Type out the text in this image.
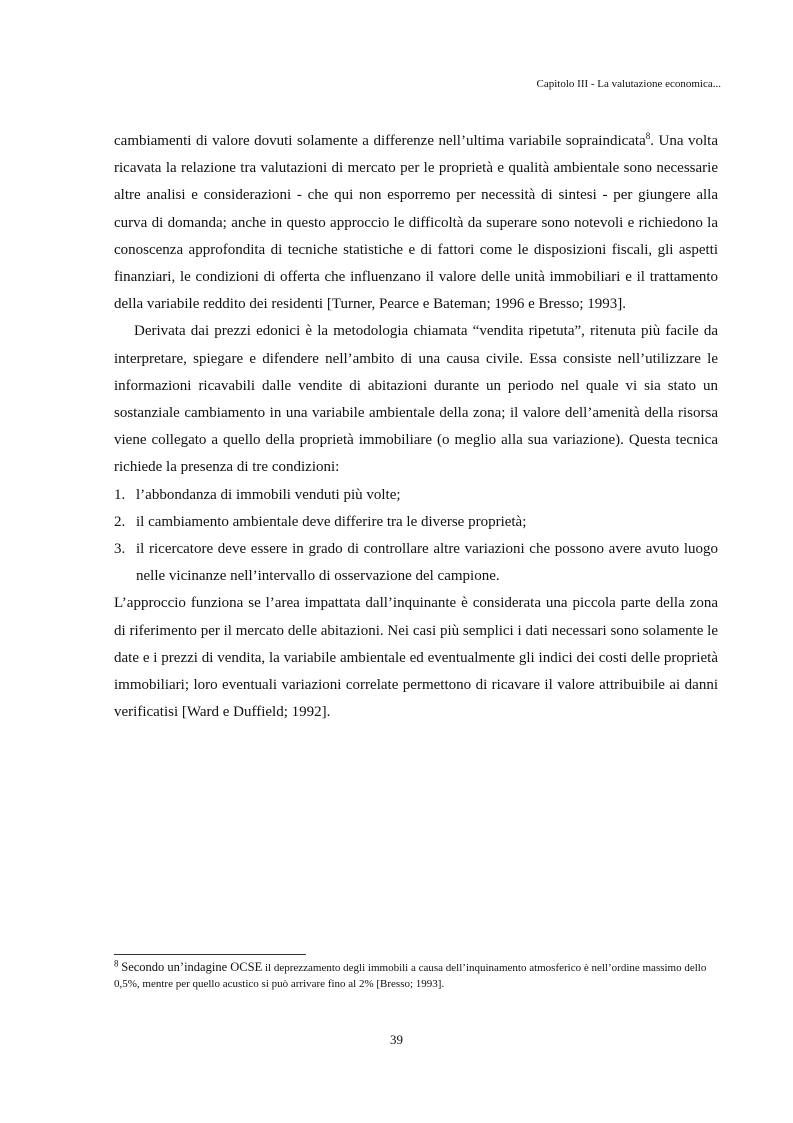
Capitolo III - La valutazione economica...

cambiamenti di valore dovuti solamente a differenze nell’ultima variabile sopraindicata$^8$. Una volta ricavata la relazione tra valutazioni di mercato per le proprietà e qualità ambientale sono necessarie altre analisi e considerazioni - che qui non esporremo per necessità di sintesi - per giungere alla curva di domanda; anche in questo approccio le difficoltà da superare sono notevoli e richiedono la conoscenza approfondita di tecniche statistiche e di fattori come le disposizioni fiscali, gli aspetti finanziari, le condizioni di offerta che influenzano il valore delle unità immobiliari e il trattamento della variabile reddito dei residenti [Turner, Pearce e Bateman; 1996 e Bresso; 1993].

Derivata dai prezzi edonici è la metodologia chiamata “vendita ripetuta”, ritenuta più facile da interpretare, spiegare e difendere nell’ambito di una causa civile. Essa consiste nell’utilizzare le informazioni ricavabili dalle vendite di abitazioni durante un periodo nel quale vi sia stato un sostanziale cambiamento in una variabile ambientale della zona; il valore dell’amenità della risorsa viene collegato a quello della proprietà immobiliare (o meglio alla sua variazione). Questa tecnica richiede la presenza di tre condizioni:

1. l’abbondanza di immobili venduti più volte;
2. il cambiamento ambientale deve differire tra le diverse proprietà;
3. il ricercatore deve essere in grado di controllare altre variazioni che possono avere avuto luogo nelle vicinanze nell’intervallo di osservazione del campione.

L’approccio funziona se l’area impattata dall’inquinante è considerata una piccola parte della zona di riferimento per il mercato delle abitazioni. Nei casi più semplici i dati necessari sono solamente le date e i prezzi di vendita, la variabile ambientale ed eventualmente gli indici dei costi delle proprietà immobiliari; loro eventuali variazioni correlate permettono di ricavare il valore attribuibile ai danni verificatisi [Ward e Duffield; 1992].

$^8$ Secondo un’indagine OCSE il deprezzamento degli immobili a causa dell’inquinamento atmosferico è nell’ordine massimo dello 0,5%, mentre per quello acustico si può arrivare fino al 2% [Bresso; 1993].
39
